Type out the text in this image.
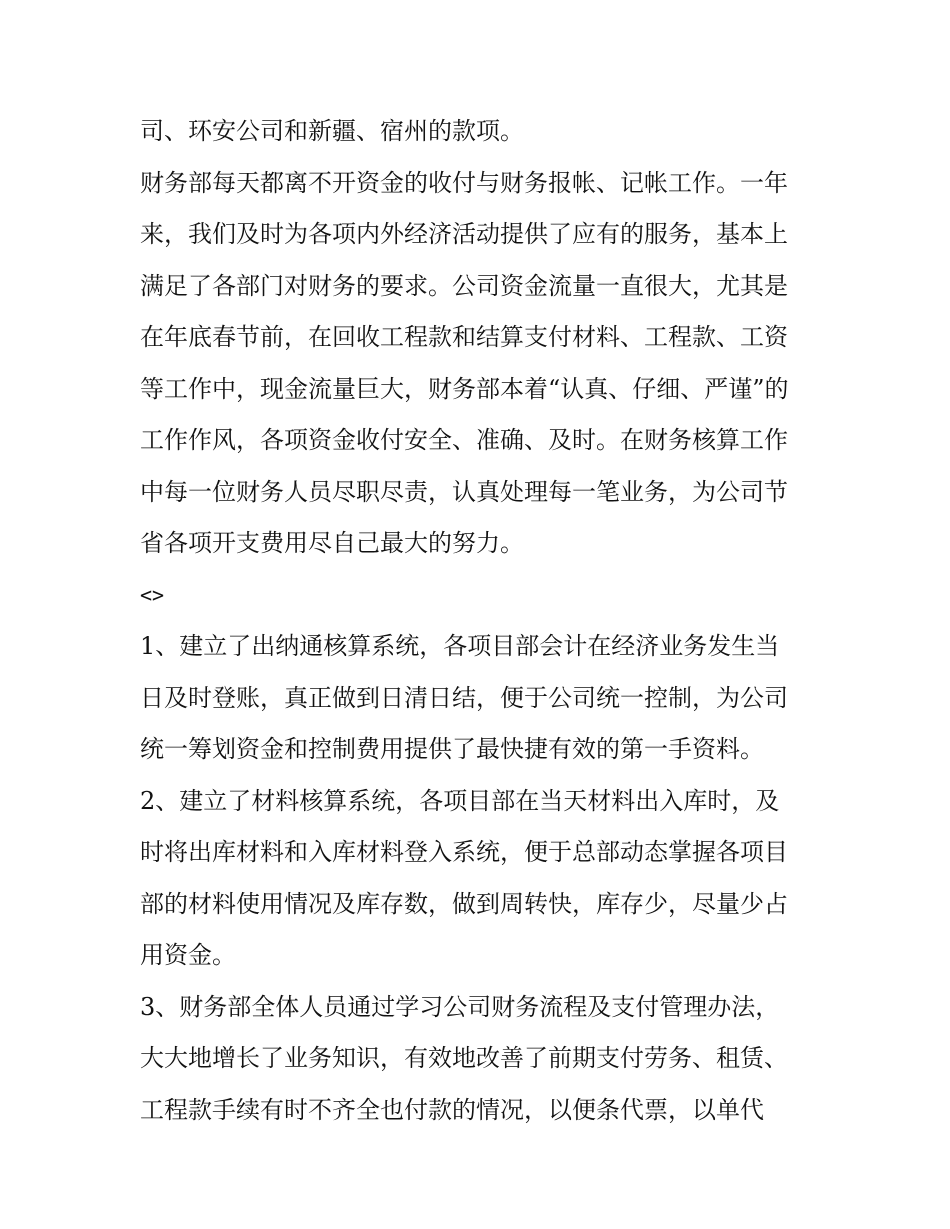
司、环安公司和新疆、宿州的款项。
财务部每天都离不开资金的收付与财务报帐、记帐工作。一年
来，我们及时为各项内外经济活动提供了应有的服务，基本上
满足了各部门对财务的要求。公司资金流量一直很大，尤其是
在年底春节前，在回收工程款和结算支付材料、工程款、工资
等工作中，现金流量巨大，财务部本着“认真、仔细、严谨”的
工作作风，各项资金收付安全、准确、及时。在财务核算工作
中每一位财务人员尽职尽责，认真处理每一笔业务，为公司节
省各项开支费用尽自己最大的努力。
<>
1、建立了出纳通核算系统，各项目部会计在经济业务发生当
日及时登账，真正做到日清日结，便于公司统一控制，为公司
统一筹划资金和控制费用提供了最快捷有效的第一手资料。
2、建立了材料核算系统，各项目部在当天材料出入库时，及
时将出库材料和入库材料登入系统，便于总部动态掌握各项目
部的材料使用情况及库存数，做到周转快，库存少，尽量少占
用资金。
3、财务部全体人员通过学习公司财务流程及支付管理办法，
大大地增长了业务知识，有效地改善了前期支付劳务、租赁、
工程款手续有时不齐全也付款的情况，以便条代票，以单代
